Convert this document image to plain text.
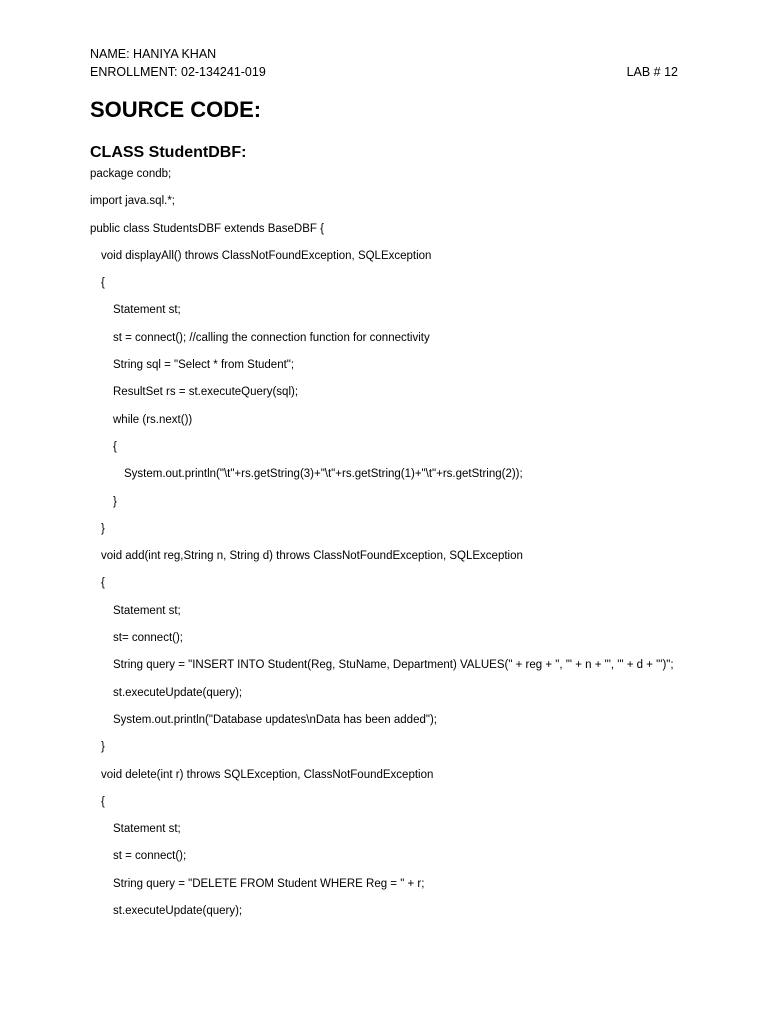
NAME: HANIYA KHAN
ENROLLMENT: 02-134241-019	LAB # 12
SOURCE CODE:
CLASS StudentDBF:
package condb;
import java.sql.*;
public class StudentsDBF extends BaseDBF {
void displayAll() throws ClassNotFoundException, SQLException
{
Statement st;
st = connect(); //calling the connection function for connectivity
String sql = "Select * from Student";
ResultSet rs = st.executeQuery(sql);
while (rs.next())
{
System.out.println("\t"+rs.getString(3)+"\t"+rs.getString(1)+"\t"+rs.getString(2));
}
}
void add(int reg,String n, String d) throws ClassNotFoundException, SQLException
{
Statement st;
st= connect();
String query = "INSERT INTO Student(Reg, StuName, Department) VALUES(" + reg + ", '" + n + "', '" + d + "')";
st.executeUpdate(query);
System.out.println("Database updates\nData has been added");
}
void delete(int r) throws SQLException, ClassNotFoundException
{
Statement st;
st = connect();
String query = "DELETE FROM Student WHERE Reg = " + r;
st.executeUpdate(query);
